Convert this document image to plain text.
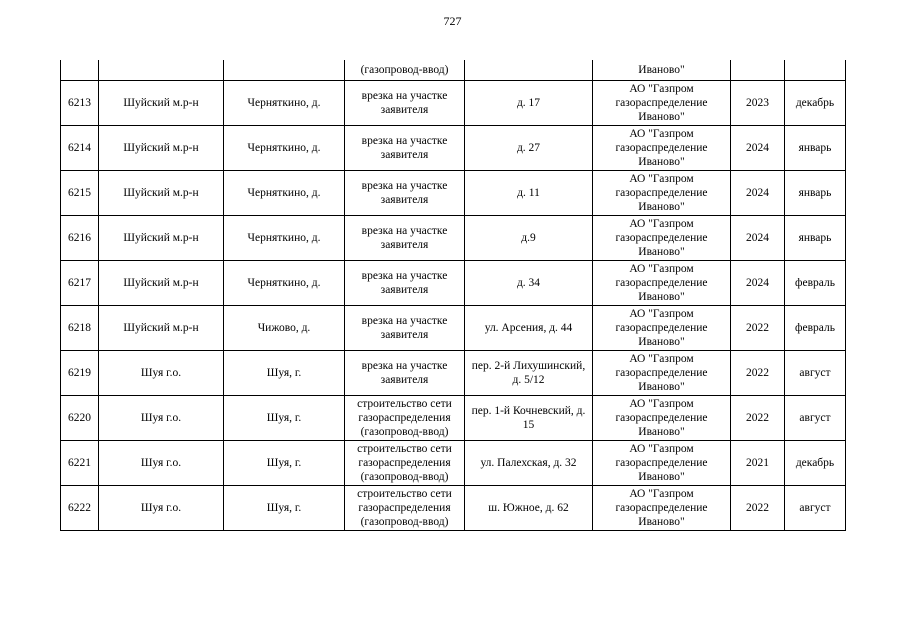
727
			(газопровод-ввод)		Иваново"		
6213	Шуйский м.р-н	Черняткино, д.	врезка на участке заявителя	д. 17	АО "Газпром газораспределение Иваново"	2023	декабрь
6214	Шуйский м.р-н	Черняткино, д.	врезка на участке заявителя	д. 27	АО "Газпром газораспределение Иваново"	2024	январь
6215	Шуйский м.р-н	Черняткино, д.	врезка на участке заявителя	д. 11	АО "Газпром газораспределение Иваново"	2024	январь
6216	Шуйский м.р-н	Черняткино, д.	врезка на участке заявителя	д.9	АО "Газпром газораспределение Иваново"	2024	январь
6217	Шуйский м.р-н	Черняткино, д.	врезка на участке заявителя	д. 34	АО "Газпром газораспределение Иваново"	2024	февраль
6218	Шуйский м.р-н	Чижово, д.	врезка на участке заявителя	ул. Арсения, д. 44	АО "Газпром газораспределение Иваново"	2022	февраль
6219	Шуя г.о.	Шуя, г.	врезка на участке заявителя	пер. 2-й Лихушинский, д. 5/12	АО "Газпром газораспределение Иваново"	2022	август
6220	Шуя г.о.	Шуя, г.	строительство сети газораспределения (газопровод-ввод)	пер. 1-й Кочневский, д. 15	АО "Газпром газораспределение Иваново"	2022	август
6221	Шуя г.о.	Шуя, г.	строительство сети газораспределения (газопровод-ввод)	ул. Палехская, д. 32	АО "Газпром газораспределение Иваново"	2021	декабрь
6222	Шуя г.о.	Шуя, г.	строительство сети газораспределения (газопровод-ввод)	ш. Южное, д. 62	АО "Газпром газораспределение Иваново"	2022	август
